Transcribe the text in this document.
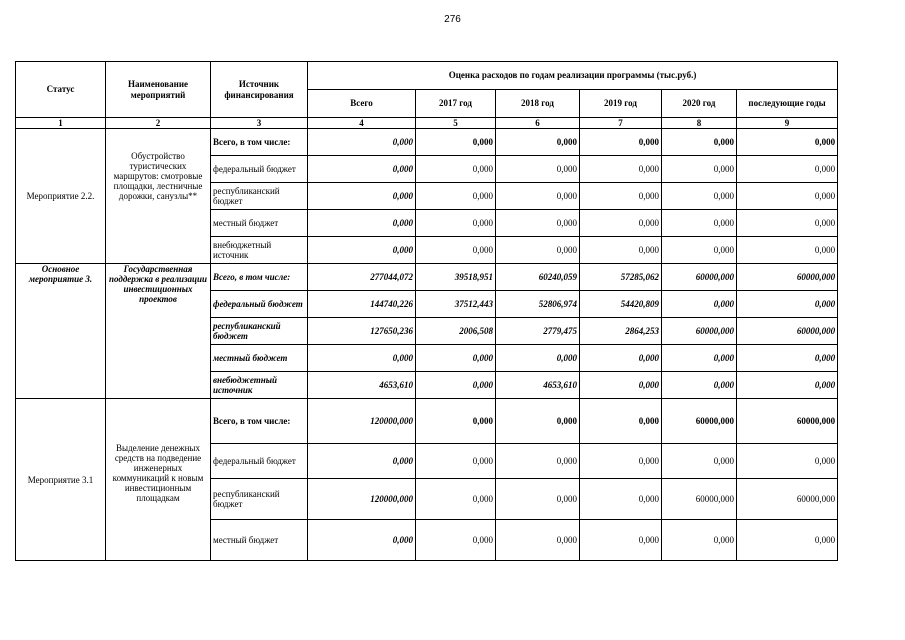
276
Статус	Наименование мероприятий	Источник финансирования	Оценка расходов по годам реализации программы (тыс.руб.)					
			Всего	2017 год	2018 год	2019 год	2020 год	последующие годы
1	2	3	4	5	6	7	8	9
Мероприятие 2.2.	Обустройство туристических маршрутов: смотровые площадки, лестничные дорожки, санузлы**	Всего, в том числе:	0,000	0,000	0,000	0,000	0,000	0,000
		федеральный бюджет	0,000	0,000	0,000	0,000	0,000	0,000
		республиканский бюджет	0,000	0,000	0,000	0,000	0,000	0,000
		местный бюджет	0,000	0,000	0,000	0,000	0,000	0,000
		внебюджетный источник	0,000	0,000	0,000	0,000	0,000	0,000
Основное мероприятие 3.	Государственная поддержка в реализации инвестиционных проектов	Всего, в том числе:	277044,072	39518,951	60240,059	57285,062	60000,000	60000,000
		федеральный бюджет	144740,226	37512,443	52806,974	54420,809	0,000	0,000
		республиканский бюджет	127650,236	2006,508	2779,475	2864,253	60000,000	60000,000
		местный бюджет	0,000	0,000	0,000	0,000	0,000	0,000
		внебюджетный источник	4653,610	0,000	4653,610	0,000	0,000	0,000
Мероприятие 3.1	Выделение денежных средств на подведение инженерных коммуникаций к новым инвестиционным площадкам	Всего, в том числе:	120000,000	0,000	0,000	0,000	60000,000	60000,000
		федеральный бюджет	0,000	0,000	0,000	0,000	0,000	0,000
		республиканский бюджет	120000,000	0,000	0,000	0,000	60000,000	60000,000
		местный бюджет	0,000	0,000	0,000	0,000	0,000	0,000
